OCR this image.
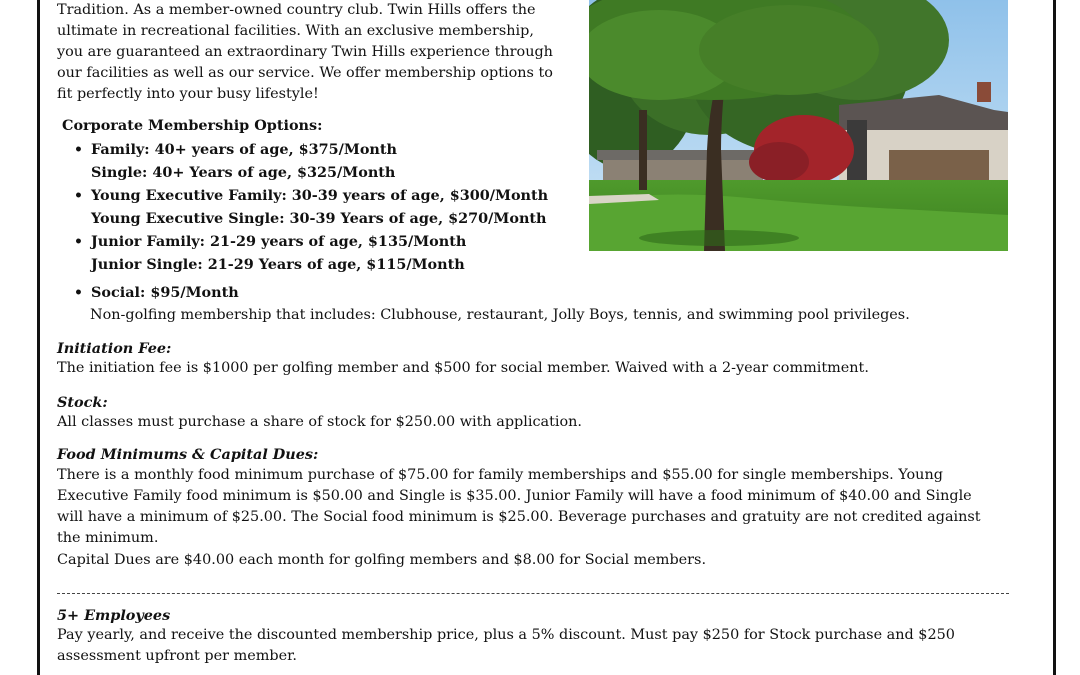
Tradition. As a member-owned country club. Twin Hills offers the
ultimate in recreational facilities. With an exclusive membership,
you are guaranteed an extraordinary Twin Hills experience through
our facilities as well as our service. We offer membership options to
fit perfectly into your busy lifestyle!

Corporate Membership Options:
• Family: 40+ years of age, $375/Month
Single: 40+ Years of age, $325/Month
• Young Executive Family: 30-39 years of age, $300/Month
Young Executive Single: 30-39 Years of age, $270/Month
• Junior Family: 21-29 years of age, $135/Month
Junior Single: 21-29 Years of age, $115/Month
• Social: $95/Month
Non-golfing membership that includes: Clubhouse, restaurant, Jolly Boys, tennis, and swimming pool privileges.
Initiation Fee:
The initiation fee is $1000 per golfing member and $500 for social member. Waived with a 2-year commitment.
Stock:
All classes must purchase a share of stock for $250.00 with application.
Food Minimums & Capital Dues:
There is a monthly food minimum purchase of $75.00 for family memberships and $55.00 for single memberships. Young
Executive Family food minimum is $50.00 and Single is $35.00. Junior Family will have a food minimum of $40.00 and Single
will have a minimum of $25.00. The Social food minimum is $25.00. Beverage purchases and gratuity are not credited against
the minimum.
Capital Dues are $40.00 each month for golfing members and $8.00 for Social members.
5+ Employees
Pay yearly, and receive the discounted membership price, plus a 5% discount. Must pay $250 for Stock purchase and $250
assessment upfront per member.
